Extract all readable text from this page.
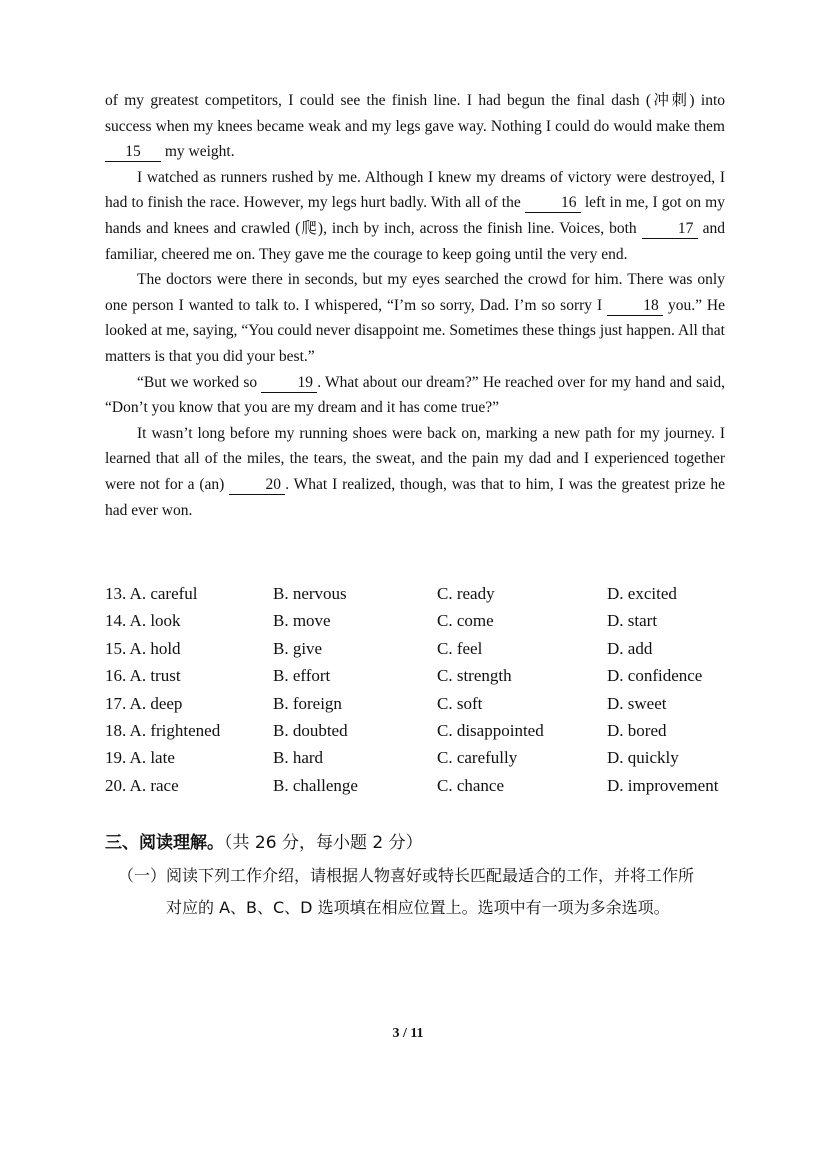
of my greatest competitors, I could see the finish line. I had begun the final dash (冲刺) into success when my knees became weak and my legs gave way. Nothing I could do would make them 15 my weight.

I watched as runners rushed by me. Although I knew my dreams of victory were destroyed, I had to finish the race. However, my legs hurt badly. With all of the 16 left in me, I got on my hands and knees and crawled (爬), inch by inch, across the finish line. Voices, both 17 and familiar, cheered me on. They gave me the courage to keep going until the very end.

The doctors were there in seconds, but my eyes searched the crowd for him. There was only one person I wanted to talk to. I whispered, “I’m so sorry, Dad. I’m so sorry I 18 you.” He looked at me, saying, “You could never disappoint me. Sometimes these things just happen. All that matters is that you did your best.”

“But we worked so 19 . What about our dream?” He reached over for my hand and said, “Don’t you know that you are my dream and it has come true?”

It wasn’t long before my running shoes were back on, marking a new path for my journey. I learned that all of the miles, the tears, the sweat, and the pain my dad and I experienced together were not for a (an) 20 . What I realized, though, was that to him, I was the greatest prize he had ever won.

13. A. careful	B. nervous	C. ready	D. excited
14. A. look	B. move	C. come	D. start
15. A. hold	B. give	C. feel	D. add
16. A. trust	B. effort	C. strength	D. confidence
17. A. deep	B. foreign	C. soft	D. sweet
18. A. frightened	B. doubted	C. disappointed	D. bored
19. A. late	B. hard	C. carefully	D. quickly
20. A. race	B. challenge	C. chance	D. improvement
三、阅读理解。（共 26 分，每小题 2 分）
（一）阅读下列工作介绍，请根据人物喜好或特长匹配最适合的工作，并将工作所
对应的 A、B、C、D 选项填在相应位置上。选项中有一项为多余选项。
3 / 11
